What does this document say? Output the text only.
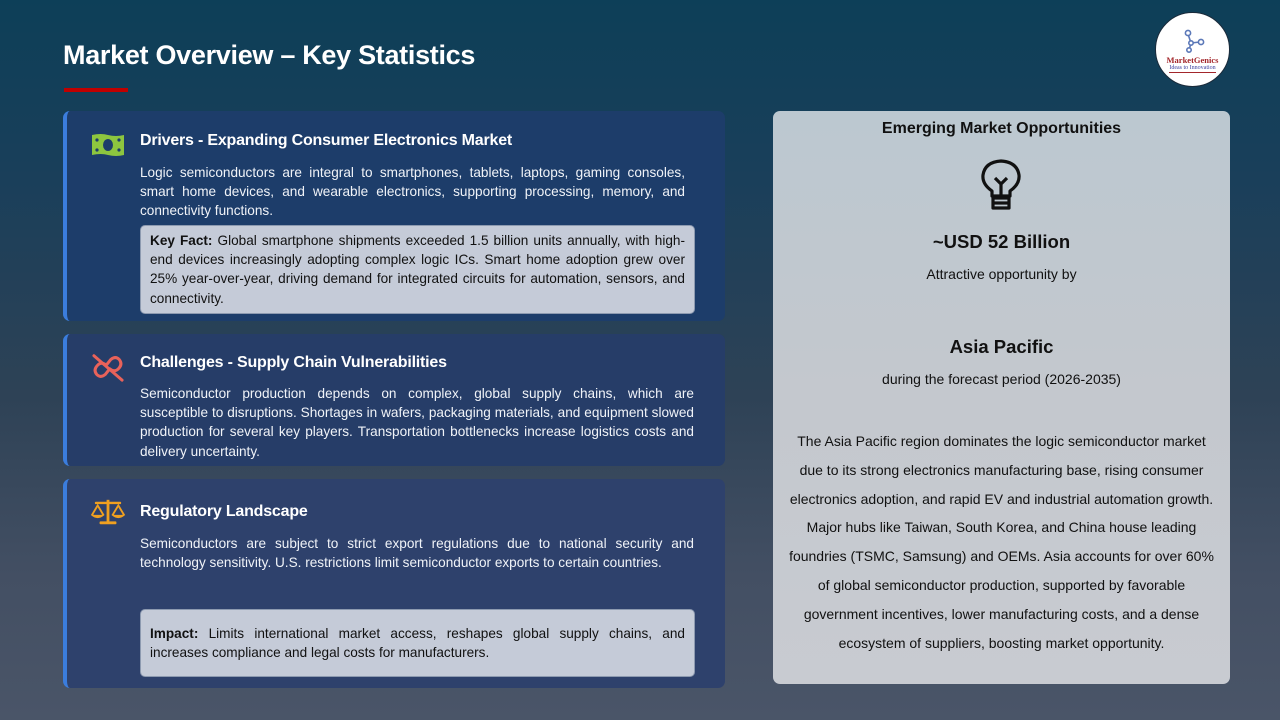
Market Overview – Key Statistics	MarketGenics
Ideas to Innovation
Drivers - Expanding Consumer Electronics Market
Logic semiconductors are integral to smartphones, tablets, laptops, gaming consoles, smart home devices, and wearable electronics, supporting processing, memory, and connectivity functions.
Key Fact: Global smartphone shipments exceeded 1.5 billion units annually, with high-end devices increasingly adopting complex logic ICs. Smart home adoption grew over 25% year-over-year, driving demand for integrated circuits for automation, sensors, and connectivity.
Challenges - Supply Chain Vulnerabilities
Semiconductor production depends on complex, global supply chains, which are susceptible to disruptions. Shortages in wafers, packaging materials, and equipment slowed production for several key players. Transportation bottlenecks increase logistics costs and delivery uncertainty.
Regulatory Landscape
Semiconductors are subject to strict export regulations due to national security and technology sensitivity. U.S. restrictions limit semiconductor exports to certain countries.
Impact: Limits international market access, reshapes global supply chains, and increases compliance and legal costs for manufacturers.
Emerging Market Opportunities
~USD 52 Billion
Attractive opportunity by
Asia Pacific
during the forecast period (2026-2035)
The Asia Pacific region dominates the logic semiconductor market due to its strong electronics manufacturing base, rising consumer electronics adoption, and rapid EV and industrial automation growth. Major hubs like Taiwan, South Korea, and China house leading foundries (TSMC, Samsung) and OEMs. Asia accounts for over 60% of global semiconductor production, supported by favorable government incentives, lower manufacturing costs, and a dense ecosystem of suppliers, boosting market opportunity.
